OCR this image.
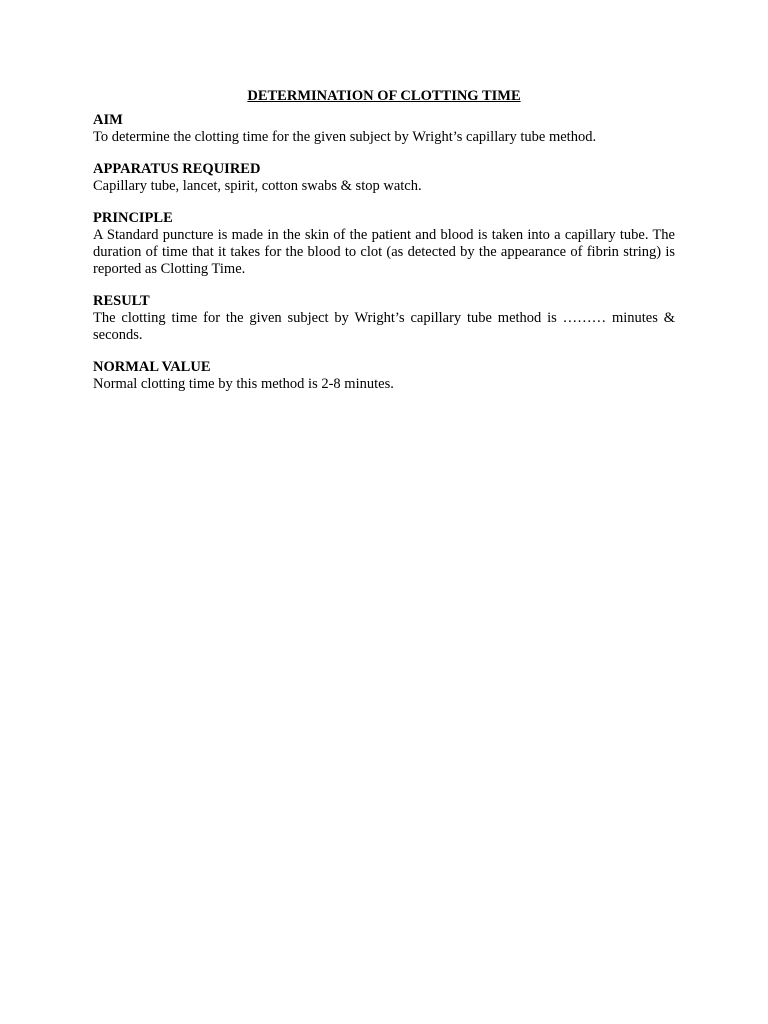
DETERMINATION OF CLOTTING TIME
AIM
To determine the clotting time for the given subject by Wright’s capillary tube method.
APPARATUS REQUIRED
Capillary tube, lancet, spirit, cotton swabs & stop watch.
PRINCIPLE
A Standard puncture is made in the skin of the patient and blood is taken into a capillary tube. The duration of time that it takes for the blood to clot (as detected by the appearance of fibrin string) is reported as Clotting Time.
RESULT
The clotting time for the given subject by Wright’s capillary tube method is ……… minutes & seconds.
NORMAL VALUE
Normal clotting time by this method is 2-8 minutes.
